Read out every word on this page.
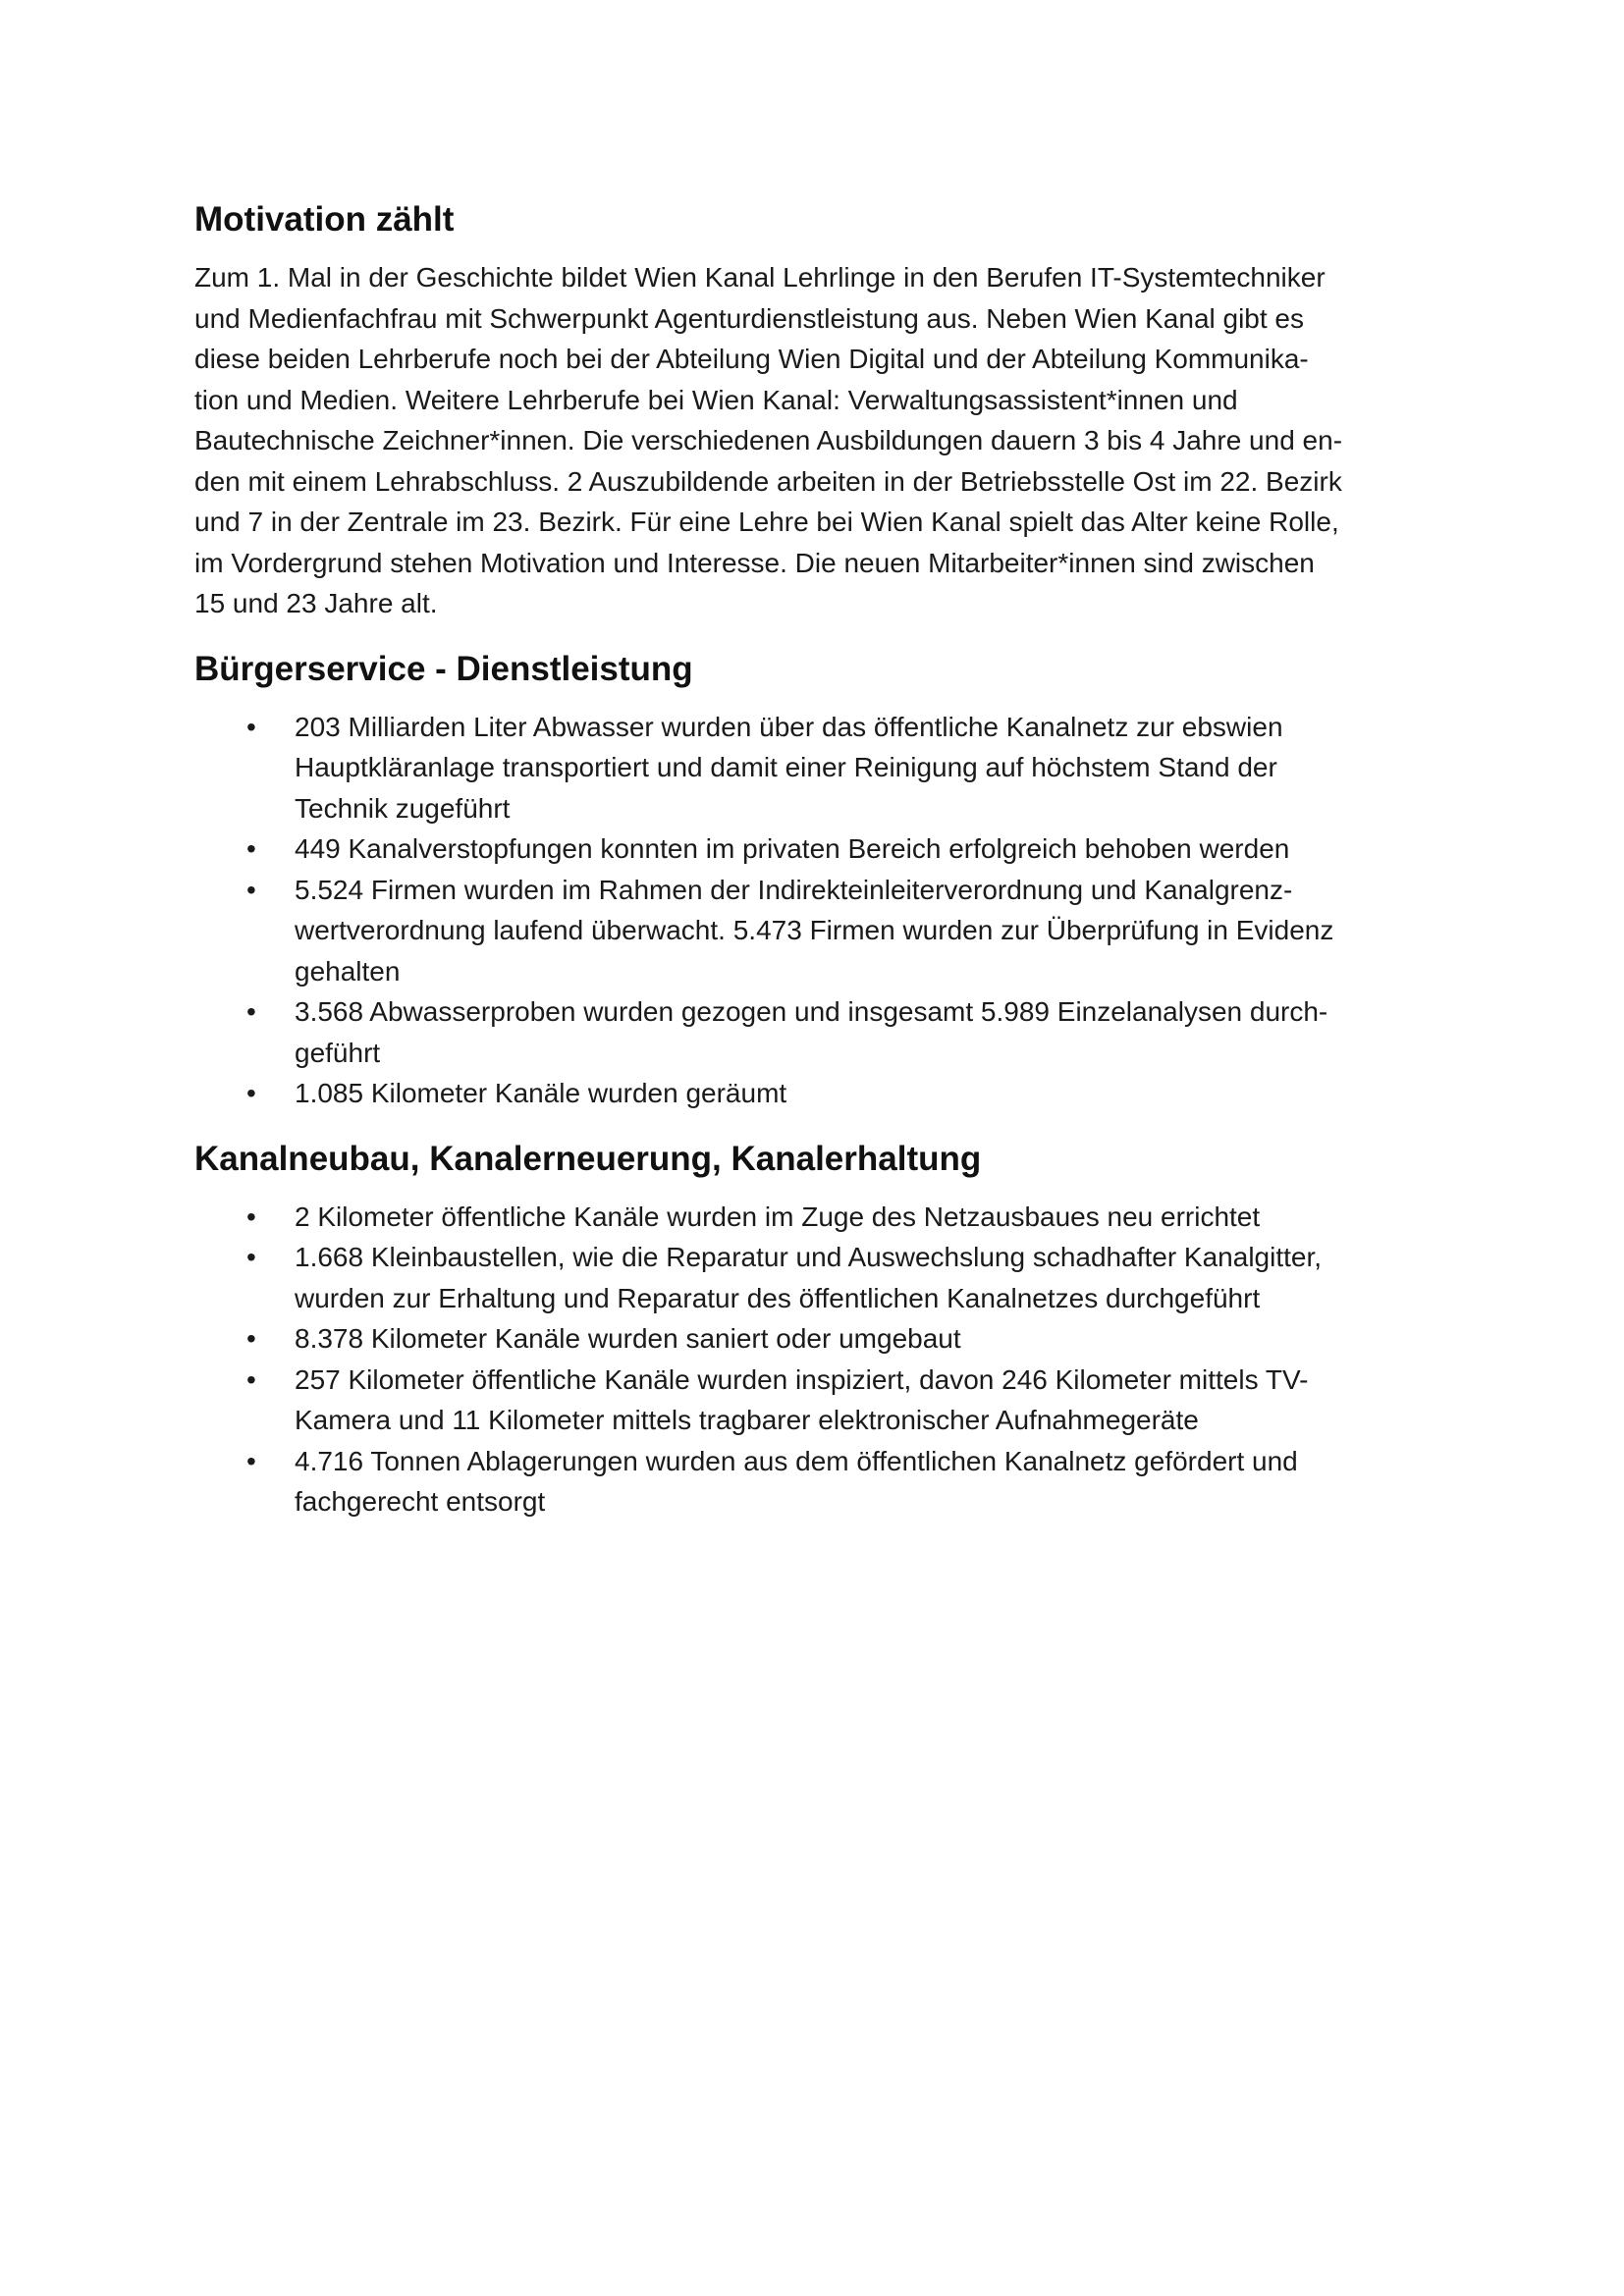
Motivation zählt

Zum 1. Mal in der Geschichte bildet Wien Kanal Lehrlinge in den Berufen IT-Systemtechniker
und Medienfachfrau mit Schwerpunkt Agenturdienstleistung aus. Neben Wien Kanal gibt es
diese beiden Lehrberufe noch bei der Abteilung Wien Digital und der Abteilung Kommunika-
tion und Medien. Weitere Lehrberufe bei Wien Kanal: Verwaltungsassistent*innen und
Bautechnische Zeichner*innen. Die verschiedenen Ausbildungen dauern 3 bis 4 Jahre und en-
den mit einem Lehrabschluss. 2 Auszubildende arbeiten in der Betriebsstelle Ost im 22. Bezirk
und 7 in der Zentrale im 23. Bezirk. Für eine Lehre bei Wien Kanal spielt das Alter keine Rolle,
im Vordergrund stehen Motivation und Interesse. Die neuen Mitarbeiter*innen sind zwischen
15 und 23 Jahre alt.

Bürgerservice - Dienstleistung
• 203 Milliarden Liter Abwasser wurden über das öffentliche Kanalnetz zur ebswien
Hauptkläranlage transportiert und damit einer Reinigung auf höchstem Stand der
Technik zugeführt
• 449 Kanalverstopfungen konnten im privaten Bereich erfolgreich behoben werden
• 5.524 Firmen wurden im Rahmen der Indirekteinleiterverordnung und Kanalgrenz-
wertverordnung laufend überwacht. 5.473 Firmen wurden zur Überprüfung in Evidenz
gehalten
• 3.568 Abwasserproben wurden gezogen und insgesamt 5.989 Einzelanalysen durch-
geführt
• 1.085 Kilometer Kanäle wurden geräumt
Kanalneubau, Kanalerneuerung, Kanalerhaltung
• 2 Kilometer öffentliche Kanäle wurden im Zuge des Netzausbaues neu errichtet
• 1.668 Kleinbaustellen, wie die Reparatur und Auswechslung schadhafter Kanalgitter,
wurden zur Erhaltung und Reparatur des öffentlichen Kanalnetzes durchgeführt
• 8.378 Kilometer Kanäle wurden saniert oder umgebaut
• 257 Kilometer öffentliche Kanäle wurden inspiziert, davon 246 Kilometer mittels TV-
Kamera und 11 Kilometer mittels tragbarer elektronischer Aufnahmegeräte
• 4.716 Tonnen Ablagerungen wurden aus dem öffentlichen Kanalnetz gefördert und
fachgerecht entsorgt
